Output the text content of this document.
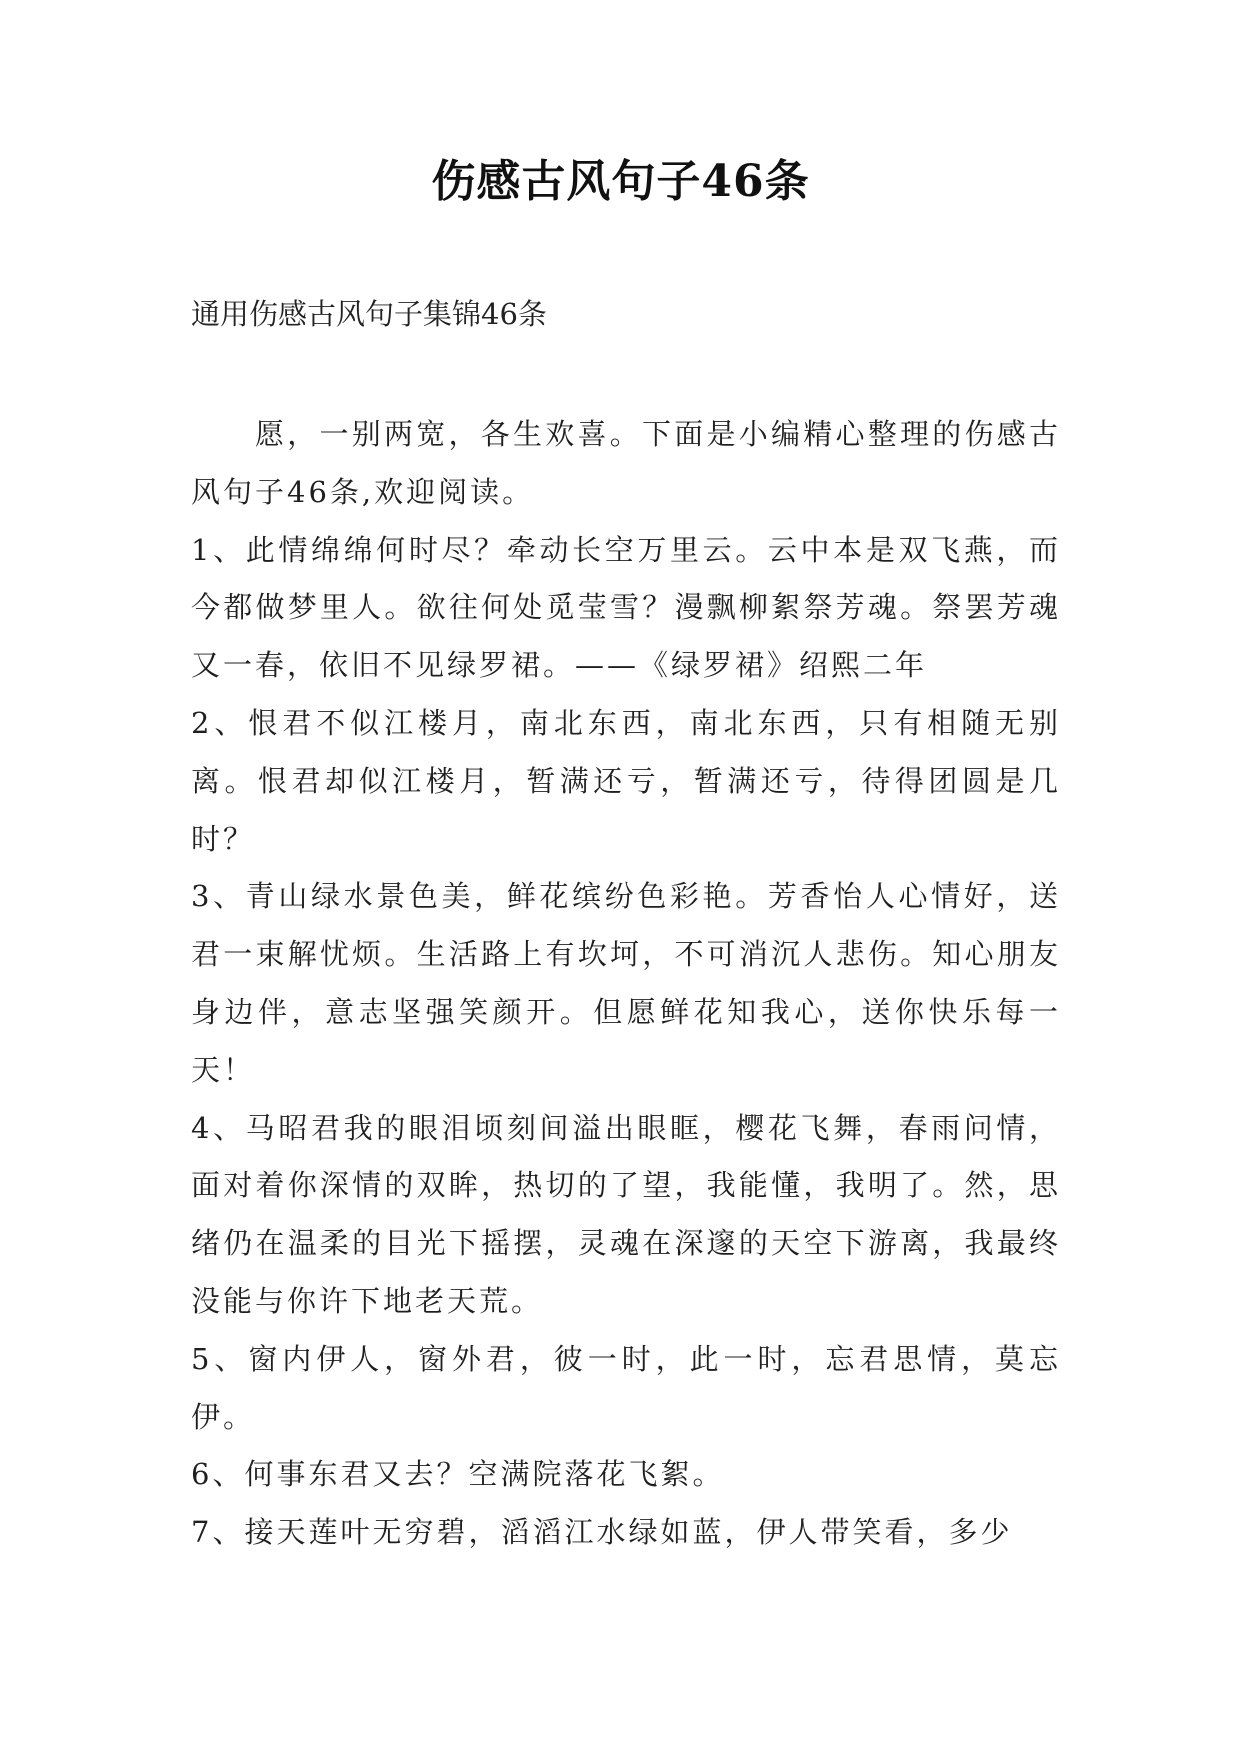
伤感古风句子46条
通用伤感古风句子集锦46条

愿，一别两宽，各生欢喜。下面是小编精心整理的伤感古风句子46条,欢迎阅读。

1、此情绵绵何时尽？牵动长空万里云。云中本是双飞燕，而今都做梦里人。欲往何处觅莹雪？漫飘柳絮祭芳魂。祭罢芳魂又一春，依旧不见绿罗裙。——《绿罗裙》绍熙二年

2、恨君不似江楼月，南北东西，南北东西，只有相随无别离。恨君却似江楼月，暂满还亏，暂满还亏，待得团圆是几时？

3、青山绿水景色美，鲜花缤纷色彩艳。芳香怡人心情好，送君一束解忧烦。生活路上有坎坷，不可消沉人悲伤。知心朋友身边伴，意志坚强笑颜开。但愿鲜花知我心，送你快乐每一天！

4、马昭君我的眼泪顷刻间溢出眼眶，樱花飞舞，春雨问情，面对着你深情的双眸，热切的了望，我能懂，我明了。然，思绪仍在温柔的目光下摇摆，灵魂在深邃的天空下游离，我最终没能与你许下地老天荒。

5、窗内伊人，窗外君，彼一时，此一时，忘君思情，莫忘伊。

6、何事东君又去？空满院落花飞絮。

7、接天莲叶无穷碧，滔滔江水绿如蓝，伊人带笑看，多少
